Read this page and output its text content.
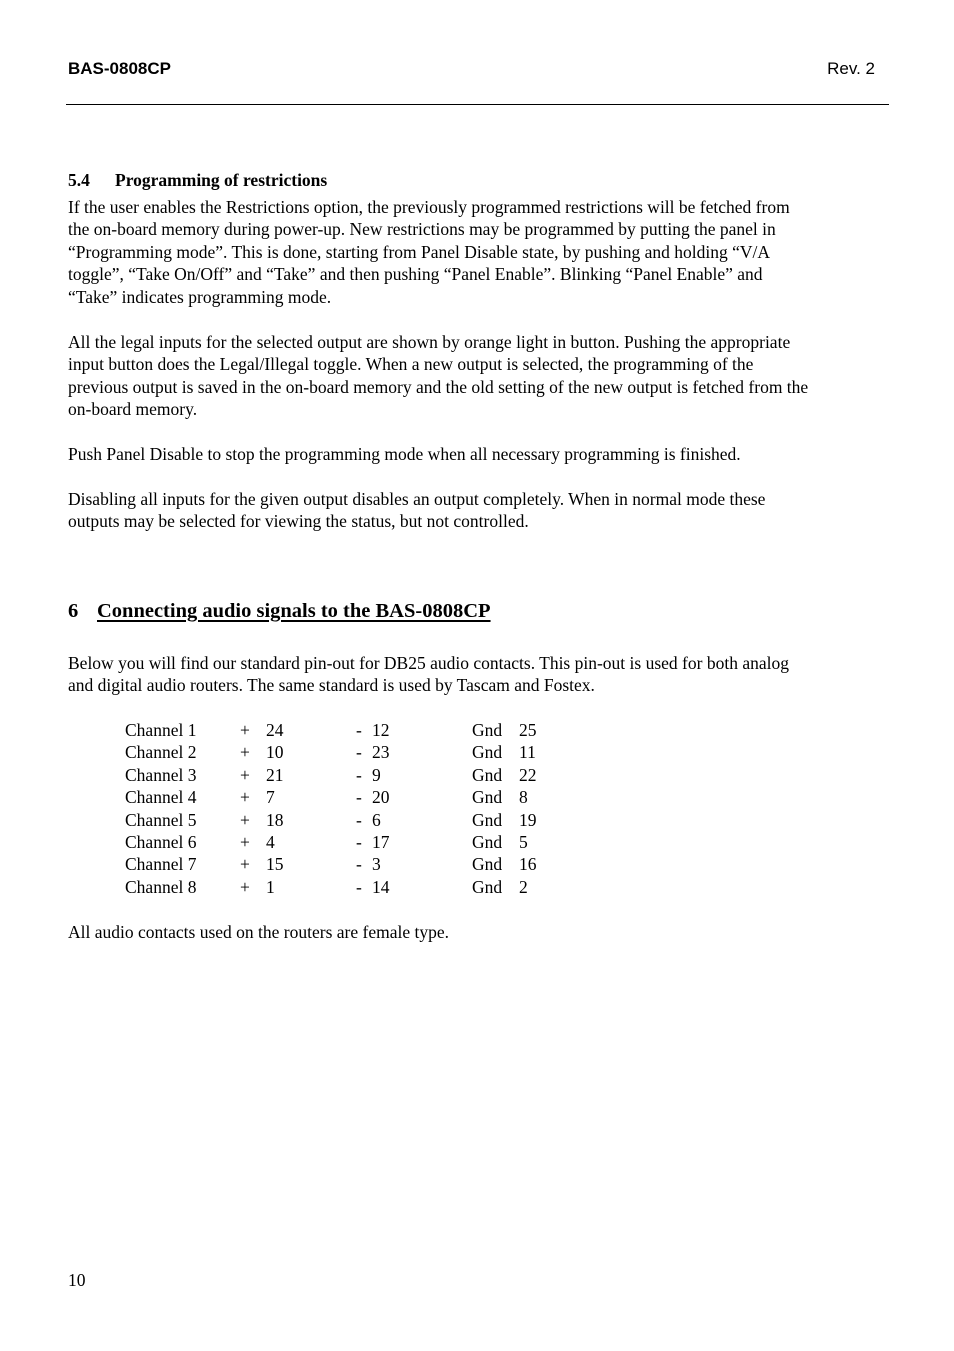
BAS-0808CP	Rev. 2
5.4 Programming of restrictions
If the user enables the Restrictions option, the previously programmed restrictions will be fetched from
the on-board memory during power-up. New restrictions may be programmed by putting the panel in
“Programming mode”. This is done, starting from Panel Disable state, by pushing and holding “V/A
toggle”, “Take On/Off” and “Take” and then pushing “Panel Enable”. Blinking “Panel Enable” and
“Take” indicates programming mode.
All the legal inputs for the selected output are shown by orange light in button. Pushing the appropriate
input button does the Legal/Illegal toggle. When a new output is selected, the programming of the
previous output is saved in the on-board memory and the old setting of the new output is fetched from the
on-board memory.
Push Panel Disable to stop the programming mode when all necessary programming is finished.
Disabling all inputs for the given output disables an output completely. When in normal mode these
outputs may be selected for viewing the status, but not controlled.
6 Connecting audio signals to the BAS-0808CP
Below you will find our standard pin-out for DB25 audio contacts. This pin-out is used for both analog
and digital audio routers. The same standard is used by Tascam and Fostex.
Channel 1 + 24	- 12	Gnd 25
Channel 2 + 10	- 23	Gnd 11
Channel 3 + 21	- 9	Gnd 22
Channel 4 + 7	- 20	Gnd 8
Channel 5 + 18	- 6	Gnd 19
Channel 6 + 4	- 17	Gnd 5
Channel 7 + 15	- 3	Gnd 16
Channel 8 + 1	- 14	Gnd 2
All audio contacts used on the routers are female type.
10
